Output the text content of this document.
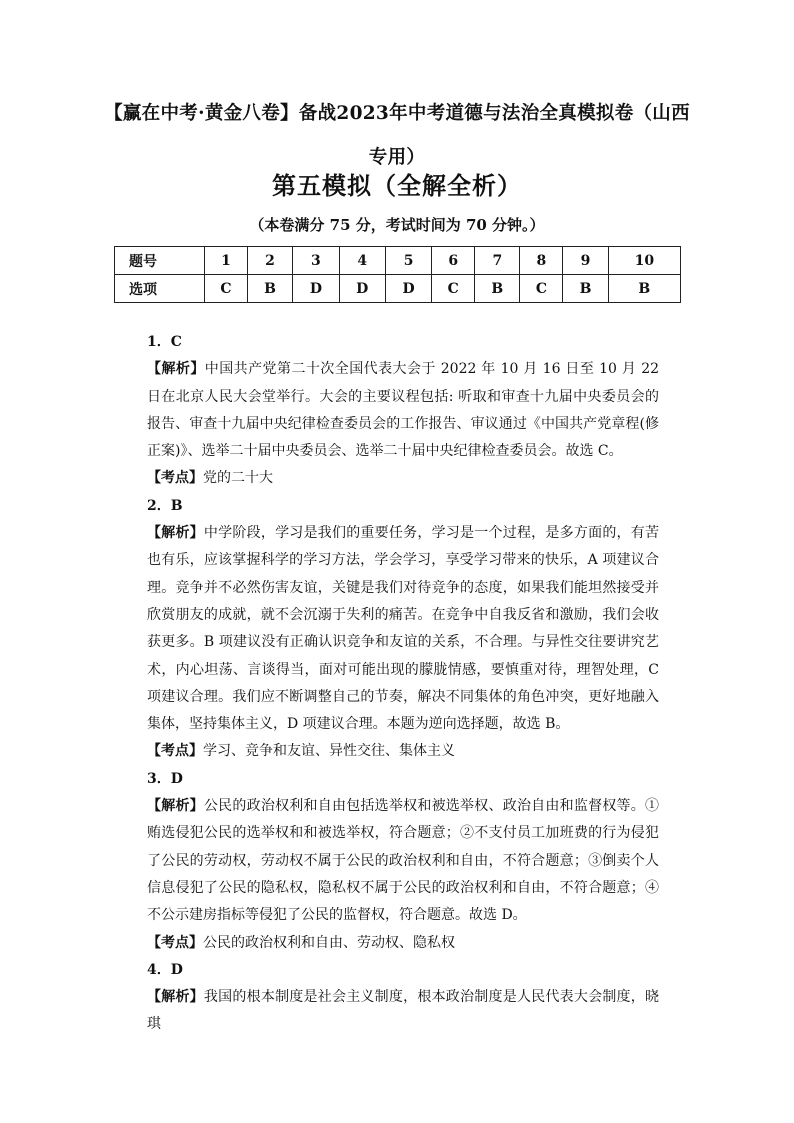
【赢在中考·黄金八卷】备战2023年中考道德与法治全真模拟卷（山西专用）
第五模拟（全解全析）
（本卷满分 75 分，考试时间为 70 分钟。）
题号	1	2	3	4	5	6	7	8	9	10
选项	C	B	D	D	D	C	B	C	B	B

1．C

【解析】中国共产党第二十次全国代表大会于 2022 年 10 月 16 日至 10 月 22 日在北京人民大会堂举行。大会的主要议程包括: 听取和审查十九届中央委员会的报告、审查十九届中央纪律检查委员会的工作报告、审议通过《中国共产党章程(修正案)》、选举二十届中央委员会、选举二十届中央纪律检查委员会。故选 C。

【考点】党的二十大

2．B

【解析】中学阶段，学习是我们的重要任务，学习是一个过程，是多方面的，有苦也有乐，应该掌握科学的学习方法，学会学习，享受学习带来的快乐，A 项建议合理。竞争并不必然伤害友谊，关键是我们对待竞争的态度，如果我们能坦然接受并欣赏朋友的成就，就不会沉溺于失利的痛苦。在竞争中自我反省和激励，我们会收获更多。B 项建议没有正确认识竞争和友谊的关系，不合理。与异性交往要讲究艺术，内心坦荡、言谈得当，面对可能出现的朦胧情感，要慎重对待，理智处理，C 项建议合理。我们应不断调整自己的节奏，解决不同集体的角色冲突，更好地融入集体，坚持集体主义，D 项建议合理。本题为逆向选择题，故选 B。

【考点】学习、竞争和友谊、异性交往、集体主义

3．D

【解析】公民的政治权利和自由包括选举权和被选举权、政治自由和监督权等。①贿选侵犯公民的选举权和和被选举权，符合题意；②不支付员工加班费的行为侵犯了公民的劳动权，劳动权不属于公民的政治权利和自由，不符合题意；③倒卖个人信息侵犯了公民的隐私权，隐私权不属于公民的政治权利和自由，不符合题意；④不公示建房指标等侵犯了公民的监督权，符合题意。故选 D。

【考点】公民的政治权利和自由、劳动权、隐私权

4．D

【解析】我国的根本制度是社会主义制度，根本政治制度是人民代表大会制度，晓琪
